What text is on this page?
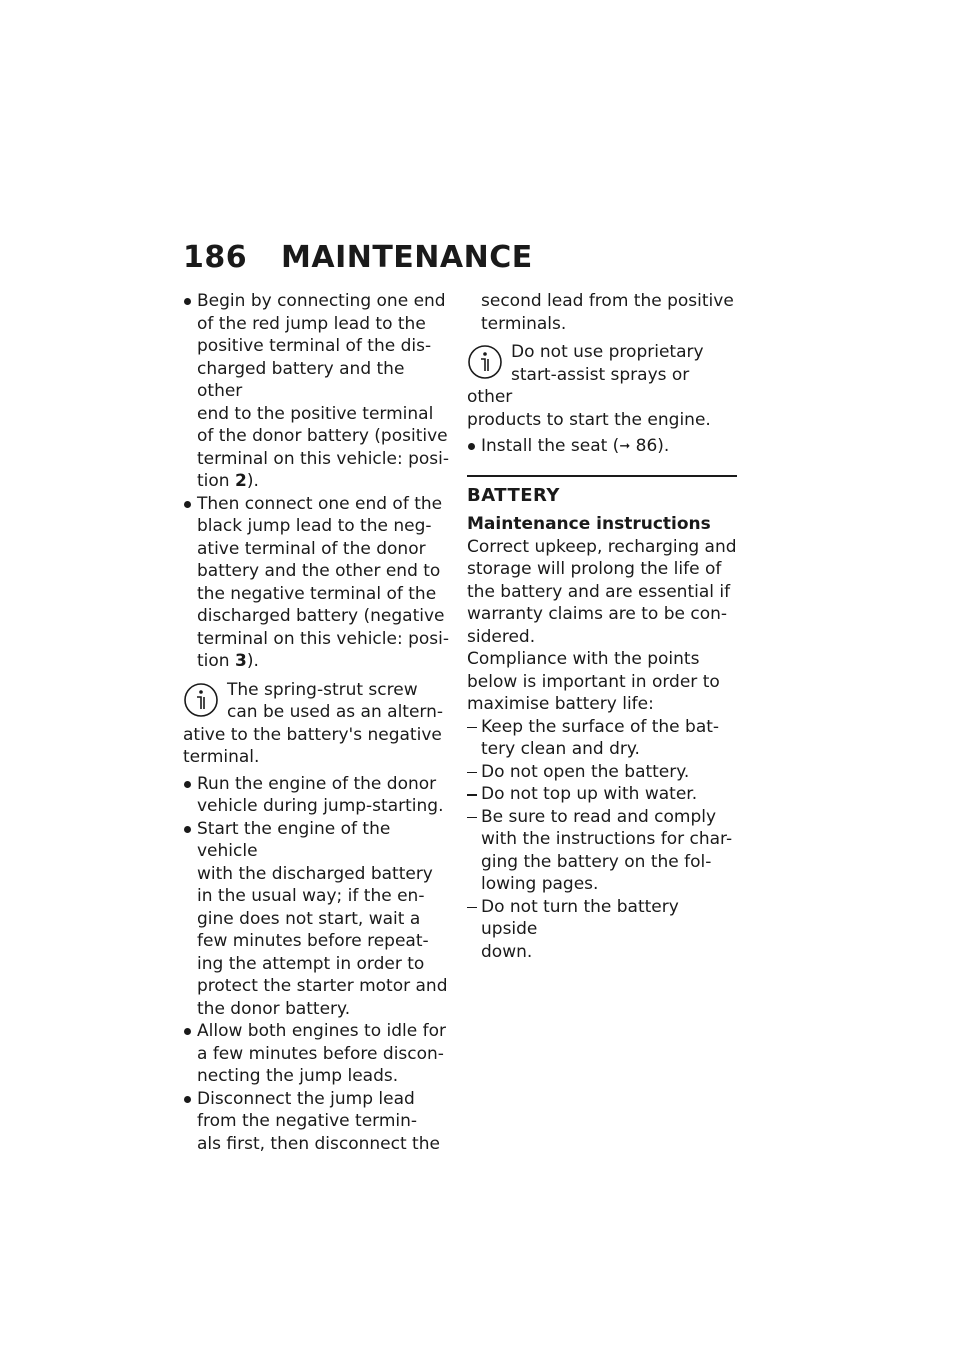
186 MAINTENANCE
Begin by connecting one end
of the red jump lead to the
positive terminal of the dis-
charged battery and the other
end to the positive terminal
of the donor battery (positive
terminal on this vehicle: posi-
tion 2).
Then connect one end of the
black jump lead to the neg-
ative terminal of the donor
battery and the other end to
the negative terminal of the
discharged battery (negative
terminal on this vehicle: posi-
tion 3).
The spring-strut screw
can be used as an altern-
ative to the battery's negative
terminal.
Run the engine of the donor
vehicle during jump-starting.
Start the engine of the vehicle
with the discharged battery
in the usual way; if the en-
gine does not start, wait a
few minutes before repeat-
ing the attempt in order to
protect the starter motor and
the donor battery.
Allow both engines to idle for
a few minutes before discon-
necting the jump leads.
Disconnect the jump lead
from the negative termin-
als first, then disconnect the
second lead from the positive
terminals.
Do not use proprietary
start-assist sprays or other
products to start the engine.
Install the seat (➞ 86).
BATTERY
Maintenance instructions
Correct upkeep, recharging and
storage will prolong the life of
the battery and are essential if
warranty claims are to be con-
sidered.
Compliance with the points
below is important in order to
maximise battery life:
Keep the surface of the bat-
tery clean and dry.
Do not open the battery.
Do not top up with water.
Be sure to read and comply
with the instructions for char-
ging the battery on the fol-
lowing pages.
Do not turn the battery upside
down.
